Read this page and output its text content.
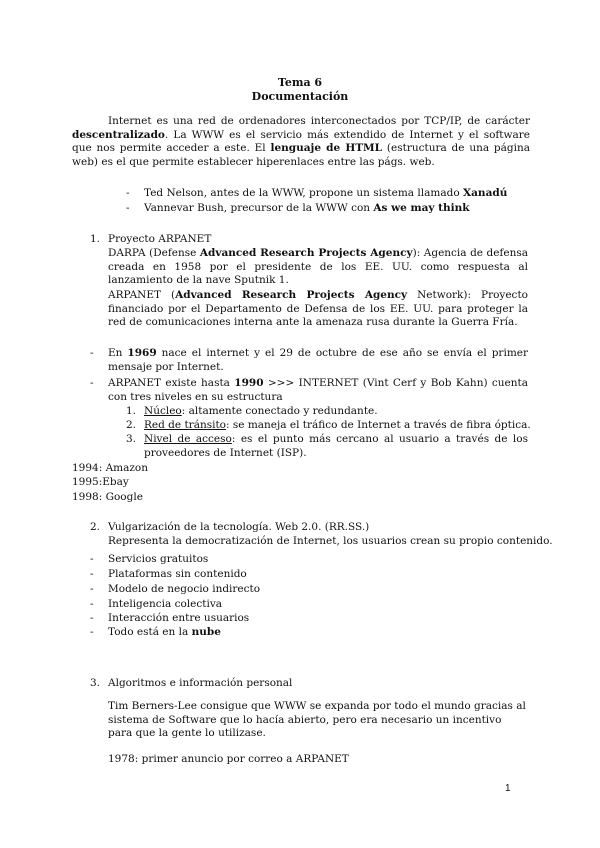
Tema 6
Documentación
Internet es una red de ordenadores interconectados por TCP/IP, de carácter descentralizado. La WWW es el servicio más extendido de Internet y el software que nos permite acceder a este. El lenguaje de HTML (estructura de una página web) es el que permite establecer hiperenlaces entre las págs. web.
- Ted Nelson, antes de la WWW, propone un sistema llamado Xanadú
- Vannevar Bush, precursor de la WWW con As we may think
1. Proyecto ARPANET
DARPA (Defense Advanced Research Projects Agency): Agencia de defensa creada en 1958 por el presidente de los EE. UU. como respuesta al lanzamiento de la nave Sputnik 1.
ARPANET (Advanced Research Projects Agency Network): Proyecto financiado por el Departamento de Defensa de los EE. UU. para proteger la red de comunicaciones interna ante la amenaza rusa durante la Guerra Fría.
- En 1969 nace el internet y el 29 de octubre de ese año se envía el primer mensaje por Internet.
- ARPANET existe hasta 1990 >>> INTERNET (Vint Cerf y Bob Kahn) cuenta con tres niveles en su estructura
1. Núcleo: altamente conectado y redundante.
2. Red de tránsito: se maneja el tráfico de Internet a través de fibra óptica.
3. Nivel de acceso: es el punto más cercano al usuario a través de los proveedores de Internet (ISP).
1994: Amazon
1995:Ebay
1998: Google
2. Vulgarización de la tecnología. Web 2.0. (RR.SS.)
Representa la democratización de Internet, los usuarios crean su propio contenido.
- Servicios gratuitos
- Plataformas sin contenido
- Modelo de negocio indirecto
- Inteligencia colectiva
- Interacción entre usuarios
- Todo está en la nube
3. Algoritmos e información personal
Tim Berners-Lee consigue que WWW se expanda por todo el mundo gracias al sistema de Software que lo hacía abierto, pero era necesario un incentivo para que la gente lo utilizase.
1978: primer anuncio por correo a ARPANET
1
